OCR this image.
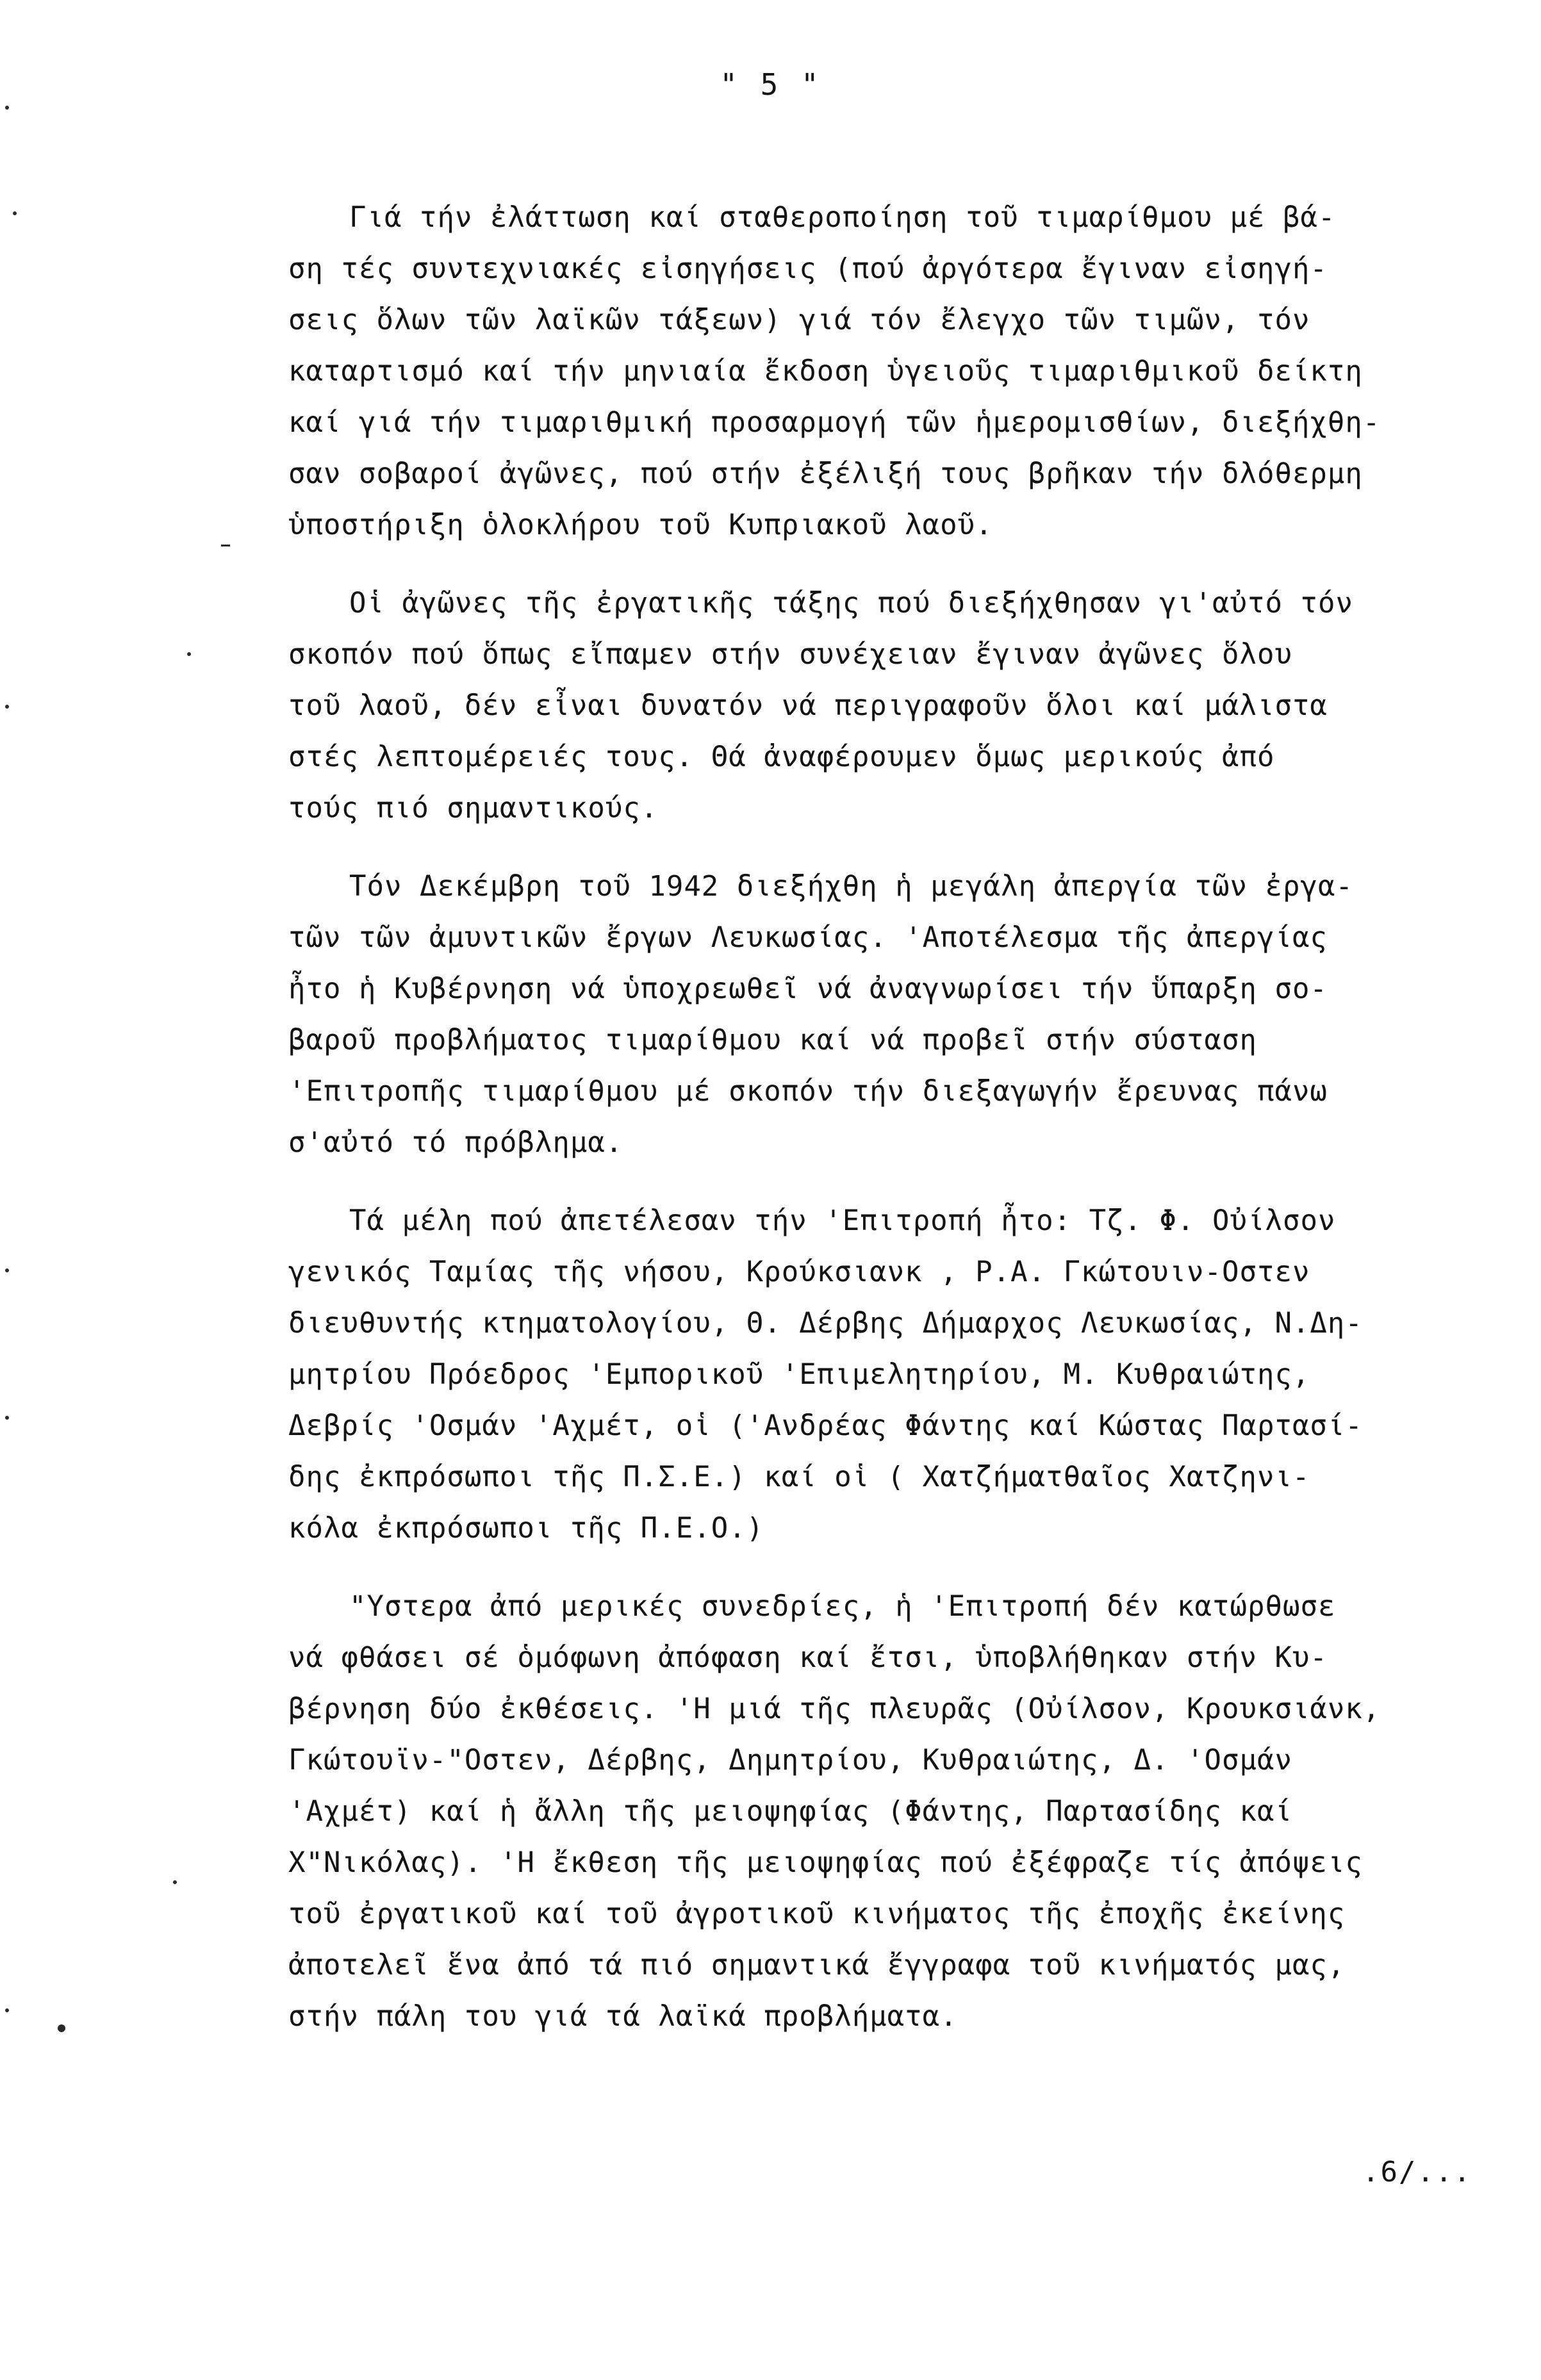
" 5 "
Γιά τήν ἐλάττωση καί σταθεροποίηση τοῦ τιμαρίθμου μέ βά-
ση τές συντεχνιακές εἰσηγήσεις (πού ἀργότερα ἔγιναν εἰσηγή-
σεις ὅλων τῶν λαϊκῶν τάξεων) γιά τόν ἔλεγχο τῶν τιμῶν, τόν
καταρτισμό καί τήν μηνιαία ἔκδοση ὑγειοῦς τιμαριθμικοῦ δείκτη
καί γιά τήν τιμαριθμική προσαρμογή τῶν ἡμερομισθίων, διεξήχθη-
σαν σοβαροί ἀγῶνες, πού στήν ἐξέλιξή τους βρῆκαν τήν δλόθερμη
ὑποστήριξη ὁλοκλήρου τοῦ Κυπριακοῦ λαοῦ.
Οἱ ἀγῶνες τῆς ἐργατικῆς τάξης πού διεξήχθησαν γι'αὐτό τόν
σκοπόν πού ὅπως εἴπαμεν στήν συνέχειαν ἔγιναν ἀγῶνες ὅλου
τοῦ λαοῦ, δέν εἶναι δυνατόν νά περιγραφοῦν ὅλοι καί μάλιστα
στές λεπτομέρειές τους. Θά ἀναφέρουμεν ὅμως μερικούς ἀπό
τούς πιό σημαντικούς.
Τόν Δεκέμβρη τοῦ 1942 διεξήχθη ἡ μεγάλη ἀπεργία τῶν ἐργα-
τῶν τῶν ἀμυντικῶν ἔργων Λευκωσίας. 'Αποτέλεσμα τῆς ἀπεργίας
ἦτο ἡ Κυβέρνηση νά ὑποχρεωθεῖ νά ἀναγνωρίσει τήν ὕπαρξη σο-
βαροῦ προβλήματος τιμαρίθμου καί νά προβεῖ στήν σύσταση
'Επιτροπῆς τιμαρίθμου μέ σκοπόν τήν διεξαγωγήν ἔρευνας πάνω
σ'αὐτό τό πρόβλημα.
Τά μέλη πού ἀπετέλεσαν τήν 'Επιτροπή ἦτο: Τζ. Φ. Οὐίλσον
γενικός Ταμίας τῆς νήσου, Κρούκσιανκ , Ρ.Α. Γκώτουιν-Οστεν
διευθυντής κτηματολογίου, Θ. Δέρβης Δήμαρχος Λευκωσίας, Ν.Δη-
μητρίου Πρόεδρος 'Εμπορικοῦ 'Επιμελητηρίου, Μ. Κυθραιώτης,
Δεβρίς 'Οσμάν 'Αχμέτ, οἱ ('Ανδρέας Φάντης καί Κώστας Παρτασί-
δης ἐκπρόσωποι τῆς Π.Σ.Ε.) καί οἱ ( Χατζήματθαῖος Χατζηνι-
κόλα ἐκπρόσωποι τῆς Π.Ε.Ο.)
"Υστερα ἀπό μερικές συνεδρίες, ἡ 'Επιτροπή δέν κατώρθωσε
νά φθάσει σέ ὁμόφωνη ἀπόφαση καί ἔτσι, ὑποβλήθηκαν στήν Κυ-
βέρνηση δύο ἐκθέσεις. 'Η μιά τῆς πλευρᾶς (Οὐίλσον, Κρουκσιάνκ,
Γκώτουϊν-"Οστεν, Δέρβης, Δημητρίου, Κυθραιώτης, Δ. 'Οσμάν
'Αχμέτ) καί ἡ ἄλλη τῆς μειοψηφίας (Φάντης, Παρτασίδης καί
Χ"Νικόλας). 'Η ἔκθεση τῆς μειοψηφίας πού ἐξέφραζε τίς ἀπόψεις
τοῦ ἐργατικοῦ καί τοῦ ἀγροτικοῦ κινήματος τῆς ἐποχῆς ἐκείνης
ἀποτελεῖ ἕνα ἀπό τά πιό σημαντικά ἔγγραφα τοῦ κινήματός μας,
στήν πάλη του γιά τά λαϊκά προβλήματα.
.6/...
